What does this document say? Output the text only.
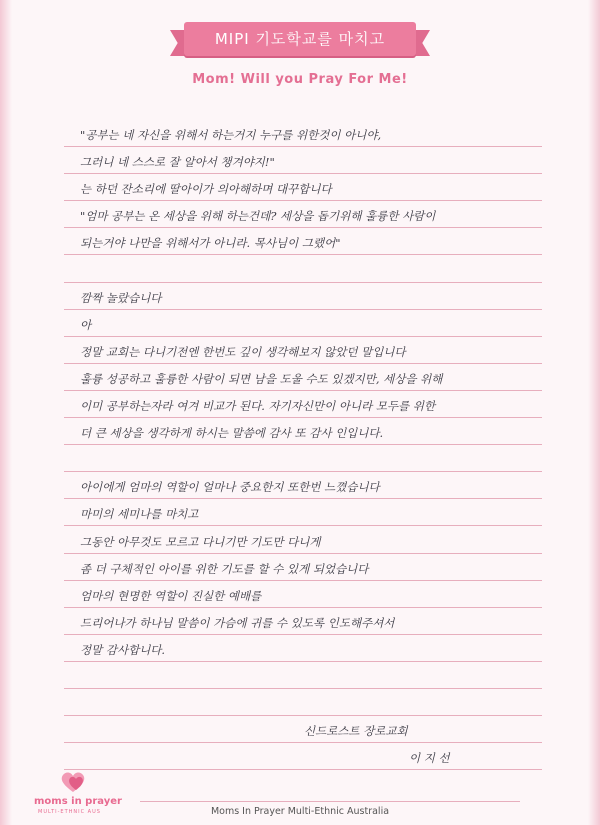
MIPI 기도학교를 마치고
Mom! Will you Pray For Me!
"공부는 네 자신을 위해서 하는거지 누구를 위한것이 아니야,
그러니 네 스스로 잘 알아서 챙겨야지!"
는 하던 잔소리에 딸아이가 의아해하며 대꾸합니다
"엄마 공부는 온 세상을 위해 하는건데? 세상을 돕기위해 훌륭한 사람이
되는거야 나만을 위해서가 아니라. 목사님이 그랬어"
깜짝 놀랐습니다
아
정말 교회는 다니기전엔 한번도 깊이 생각해보지 않았던 말입니다
훌륭 성공하고 훌륭한 사람이 되면 남을 도울 수도 있겠지만, 세상을 위해
이미 공부하는자라 여겨 비교가 된다. 자기자신만이 아니라 모두를 위한
더 큰 세상을 생각하게 하시는 말씀에 감사 또 감사 인입니다.
아이에게 엄마의 역할이 얼마나 중요한지 또한번 느꼈습니다
마미의 세미나를 마치고
그동안 아무것도 모르고 다니기만 기도만 다니게
좀 더 구체적인 아이를 위한 기도를 할 수 있게 되었습니다
엄마의 현명한 역할이 진실한 예배를
드리어나가 하나님 말씀이 가슴에 귀를 수 있도록 인도해주셔서
정말 감사합니다.
신드로스트 장로교회
이 지 선
moms in prayer
MULTI-ETHNIC AUS	Moms In Prayer Multi-Ethnic Australia
